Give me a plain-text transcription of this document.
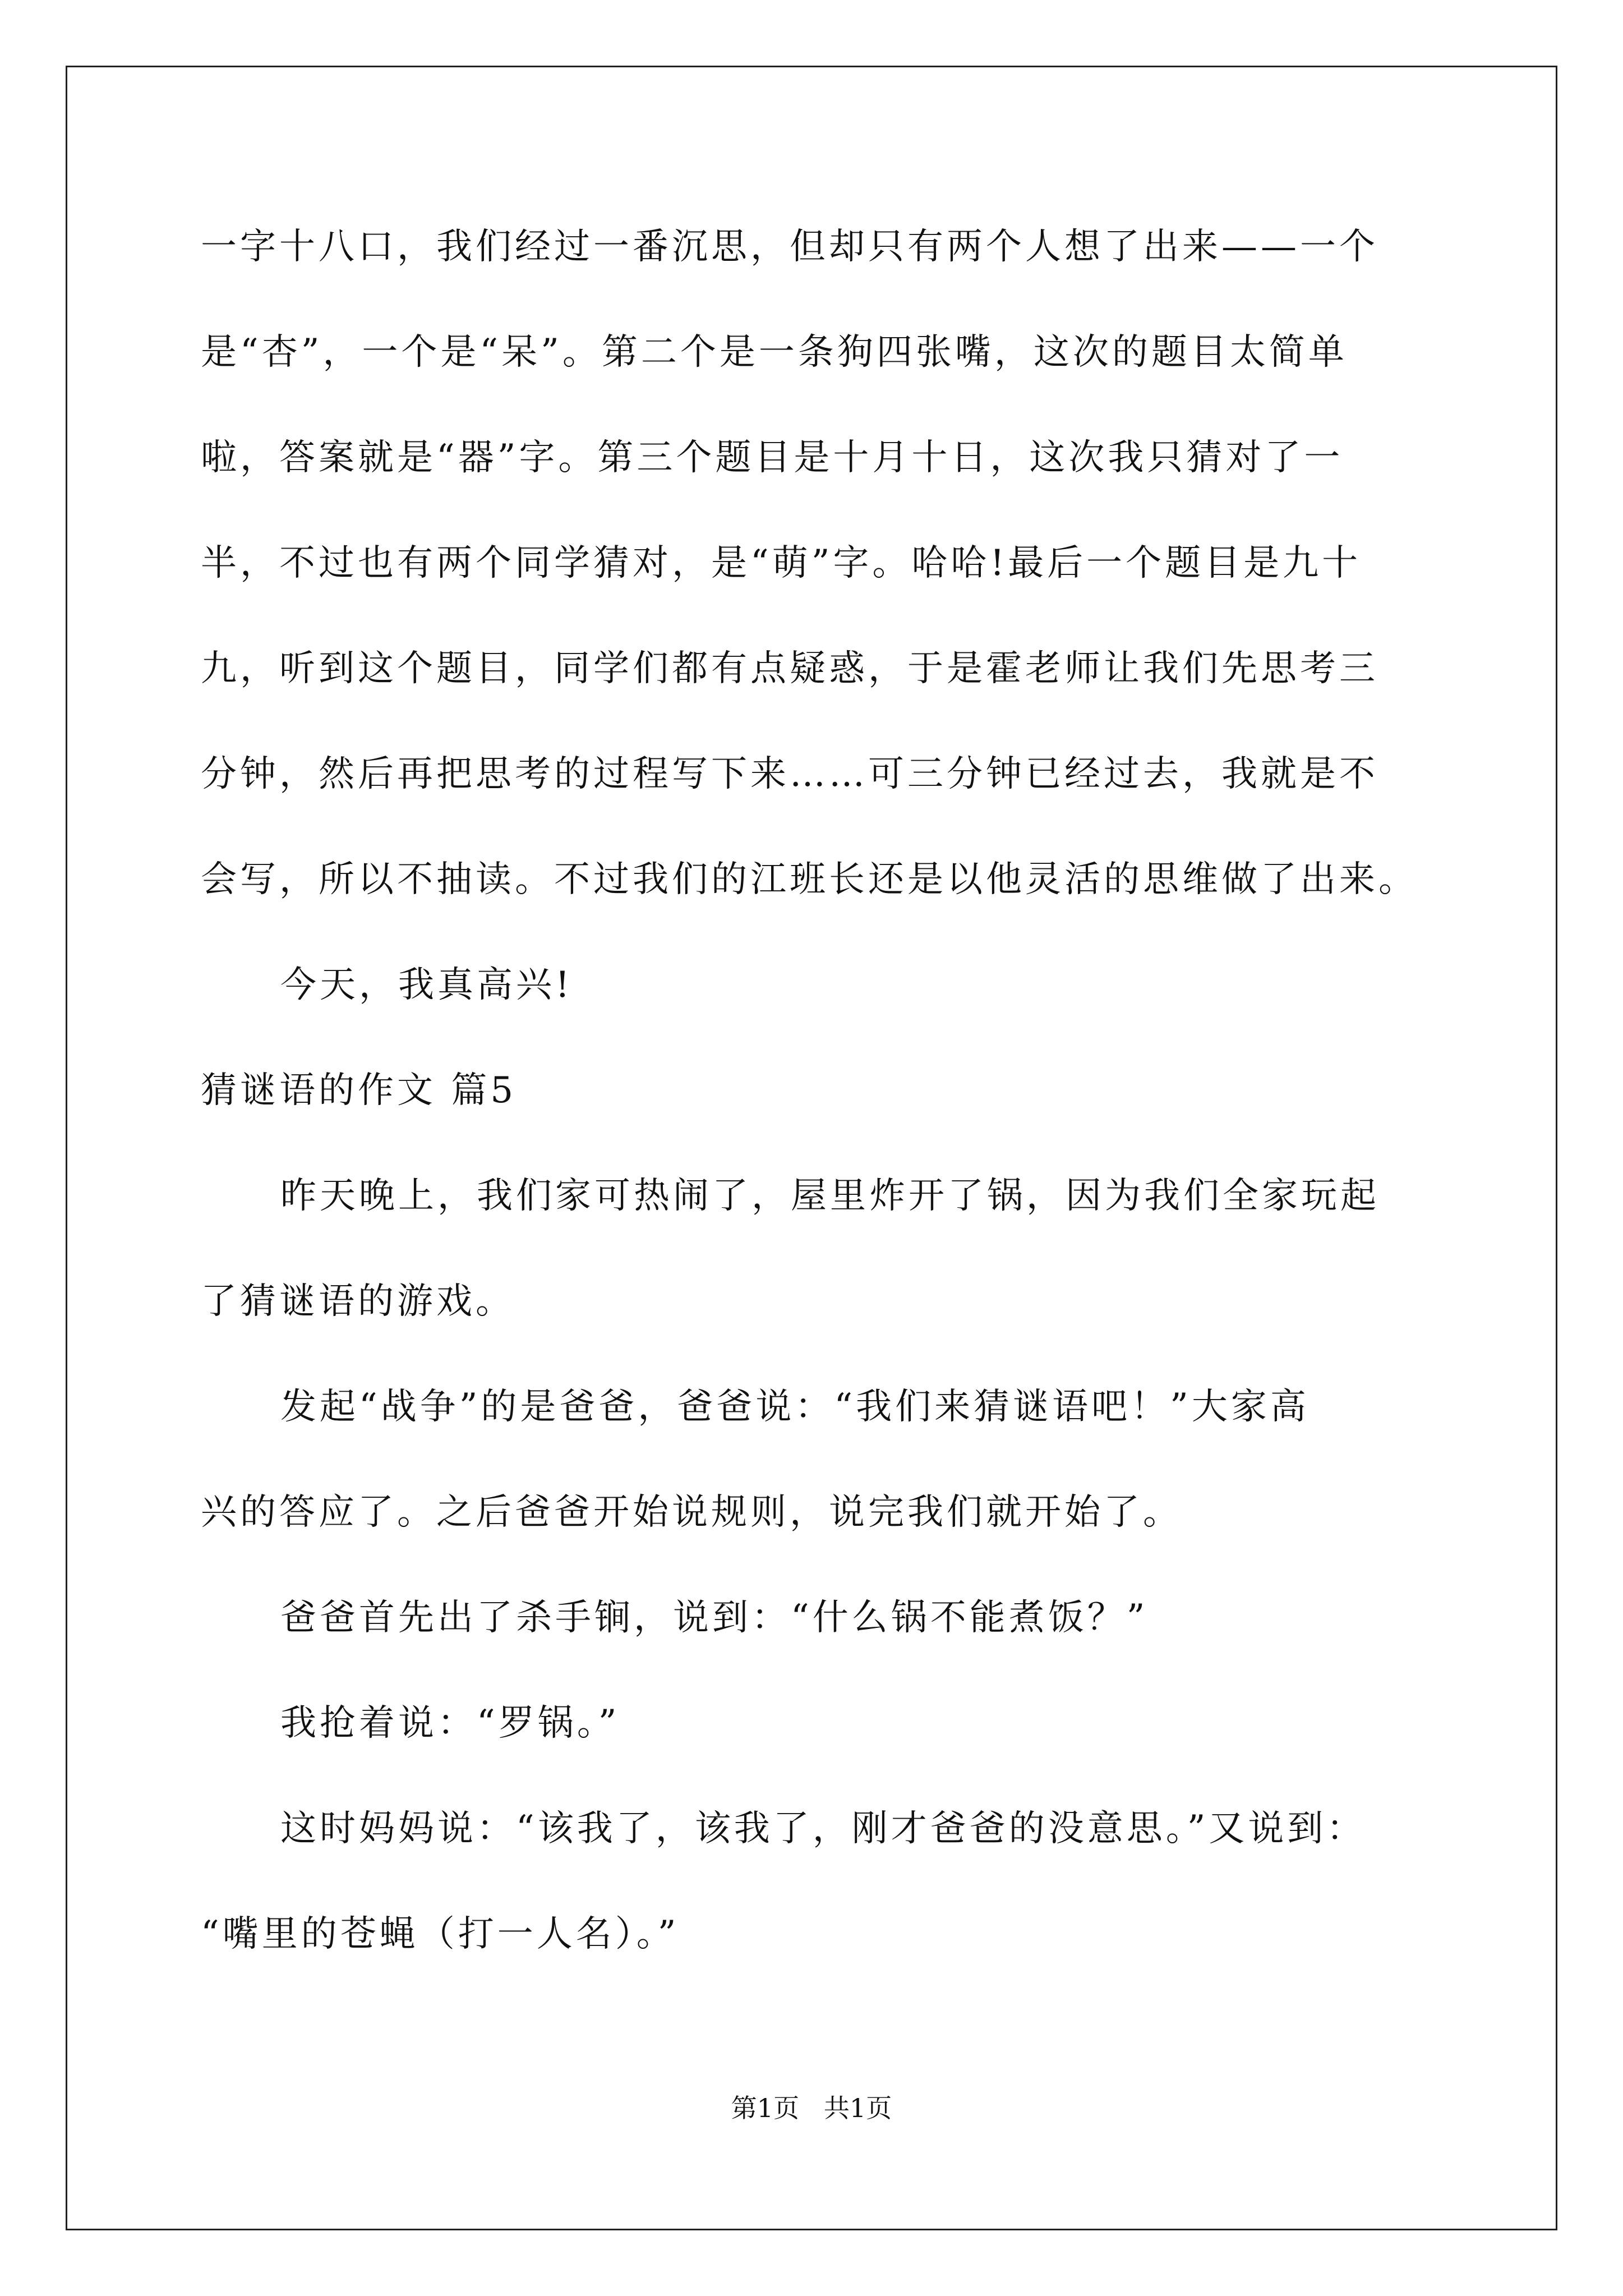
一字十八口，我们经过一番沉思，但却只有两个人想了出来——一个
是“杏”，一个是“呆”。第二个是一条狗四张嘴，这次的题目太简单
啦，答案就是“器”字。第三个题目是十月十日，这次我只猜对了一
半，不过也有两个同学猜对，是“萌”字。哈哈!最后一个题目是九十
九，听到这个题目，同学们都有点疑惑，于是霍老师让我们先思考三
分钟，然后再把思考的过程写下来……可三分钟已经过去，我就是不
会写，所以不抽读。不过我们的江班长还是以他灵活的思维做了出来。
今天，我真高兴!
猜谜语的作文 篇5
昨天晚上，我们家可热闹了，屋里炸开了锅，因为我们全家玩起
了猜谜语的游戏。
发起“战争”的是爸爸，爸爸说：“我们来猜谜语吧！”大家高
兴的答应了。之后爸爸开始说规则，说完我们就开始了。
爸爸首先出了杀手锏，说到：“什么锅不能煮饭？”
我抢着说：“罗锅。”
这时妈妈说：“该我了，该我了，刚才爸爸的没意思。”又说到：
“嘴里的苍蝇（打一人名）。”
第1页   共1页
